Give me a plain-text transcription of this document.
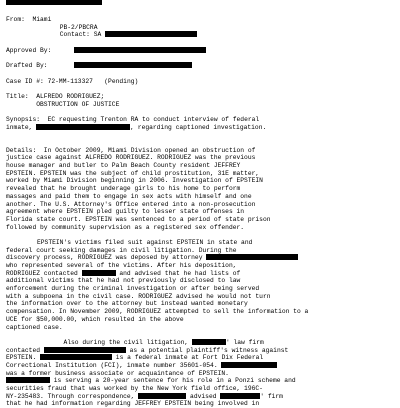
From: Miami
PB-2/PBCRA
Contact: SA
Approved By:
Drafted By:
Case ID #: 72-MM-113327 (Pending)
Title: ALFREDO RODRIGUEZ;
OBSTRUCTION OF JUSTICE
Synopsis: EC requesting Trenton RA to conduct interview of federal
inmate,	, regarding captioned investigation.
Details:  In October 2009, Miami Division opened an obstruction of
justice case against ALFREDO RODRIGUEZ. RODRIGUEZ was the previous
house manager and butler to Palm Beach County resident JEFFREY
EPSTEIN. EPSTEIN was the subject of child prostitution, 31E matter,
worked by Miami Division beginning in 2006. Investigation of EPSTEIN
revealed that he brought underage girls to his home to perform
massages and paid them to engage in sex acts with himself and one
another. The U.S. Attorney's Office entered into a non-prosecution
agreement where EPSTEIN pled guilty to lesser state offenses in
Florida state court. EPSTEIN was sentenced to a period of state prison
followed by community supervision as a registered sex offender.
EPSTEIN's victims filed suit against EPSTEIN in state and
federal court seeking damages in civil litigation. During the
discovery process, RODRIGUEZ was deposed by attorney
who represented several of the victims. After his deposition,
RODRIGUEZ contacted	and advised that he had lists of
additional victims that he had not previously disclosed to law
enforcement during the criminal investigation or after being served
with a subpoena in the civil case. RODRIGUEZ advised he would not turn
the information over to the attorney but instead wanted monetary
compensation. In November 2009, RODRIGUEZ attempted to sell the information to a
UCE for $50,000.00, which resulted in the above
captioned case.
Also during the civil litigation,	' law firm
contacted	as a potential plaintiff's witness against
EPSTEIN.	is a federal inmate at Fort Dix Federal
Correctional Institution (FCI), inmate number 35601-054.
was a former business associate or acquaintance of EPSTEIN.
is serving a 20-year sentence for his role in a Ponzi scheme and
securities fraud that was worked by the New York field office, 196C-
NY-235483. Through correspondence,	advised	' firm
that he had information regarding JEFFREY EPSTEIN being involved in
